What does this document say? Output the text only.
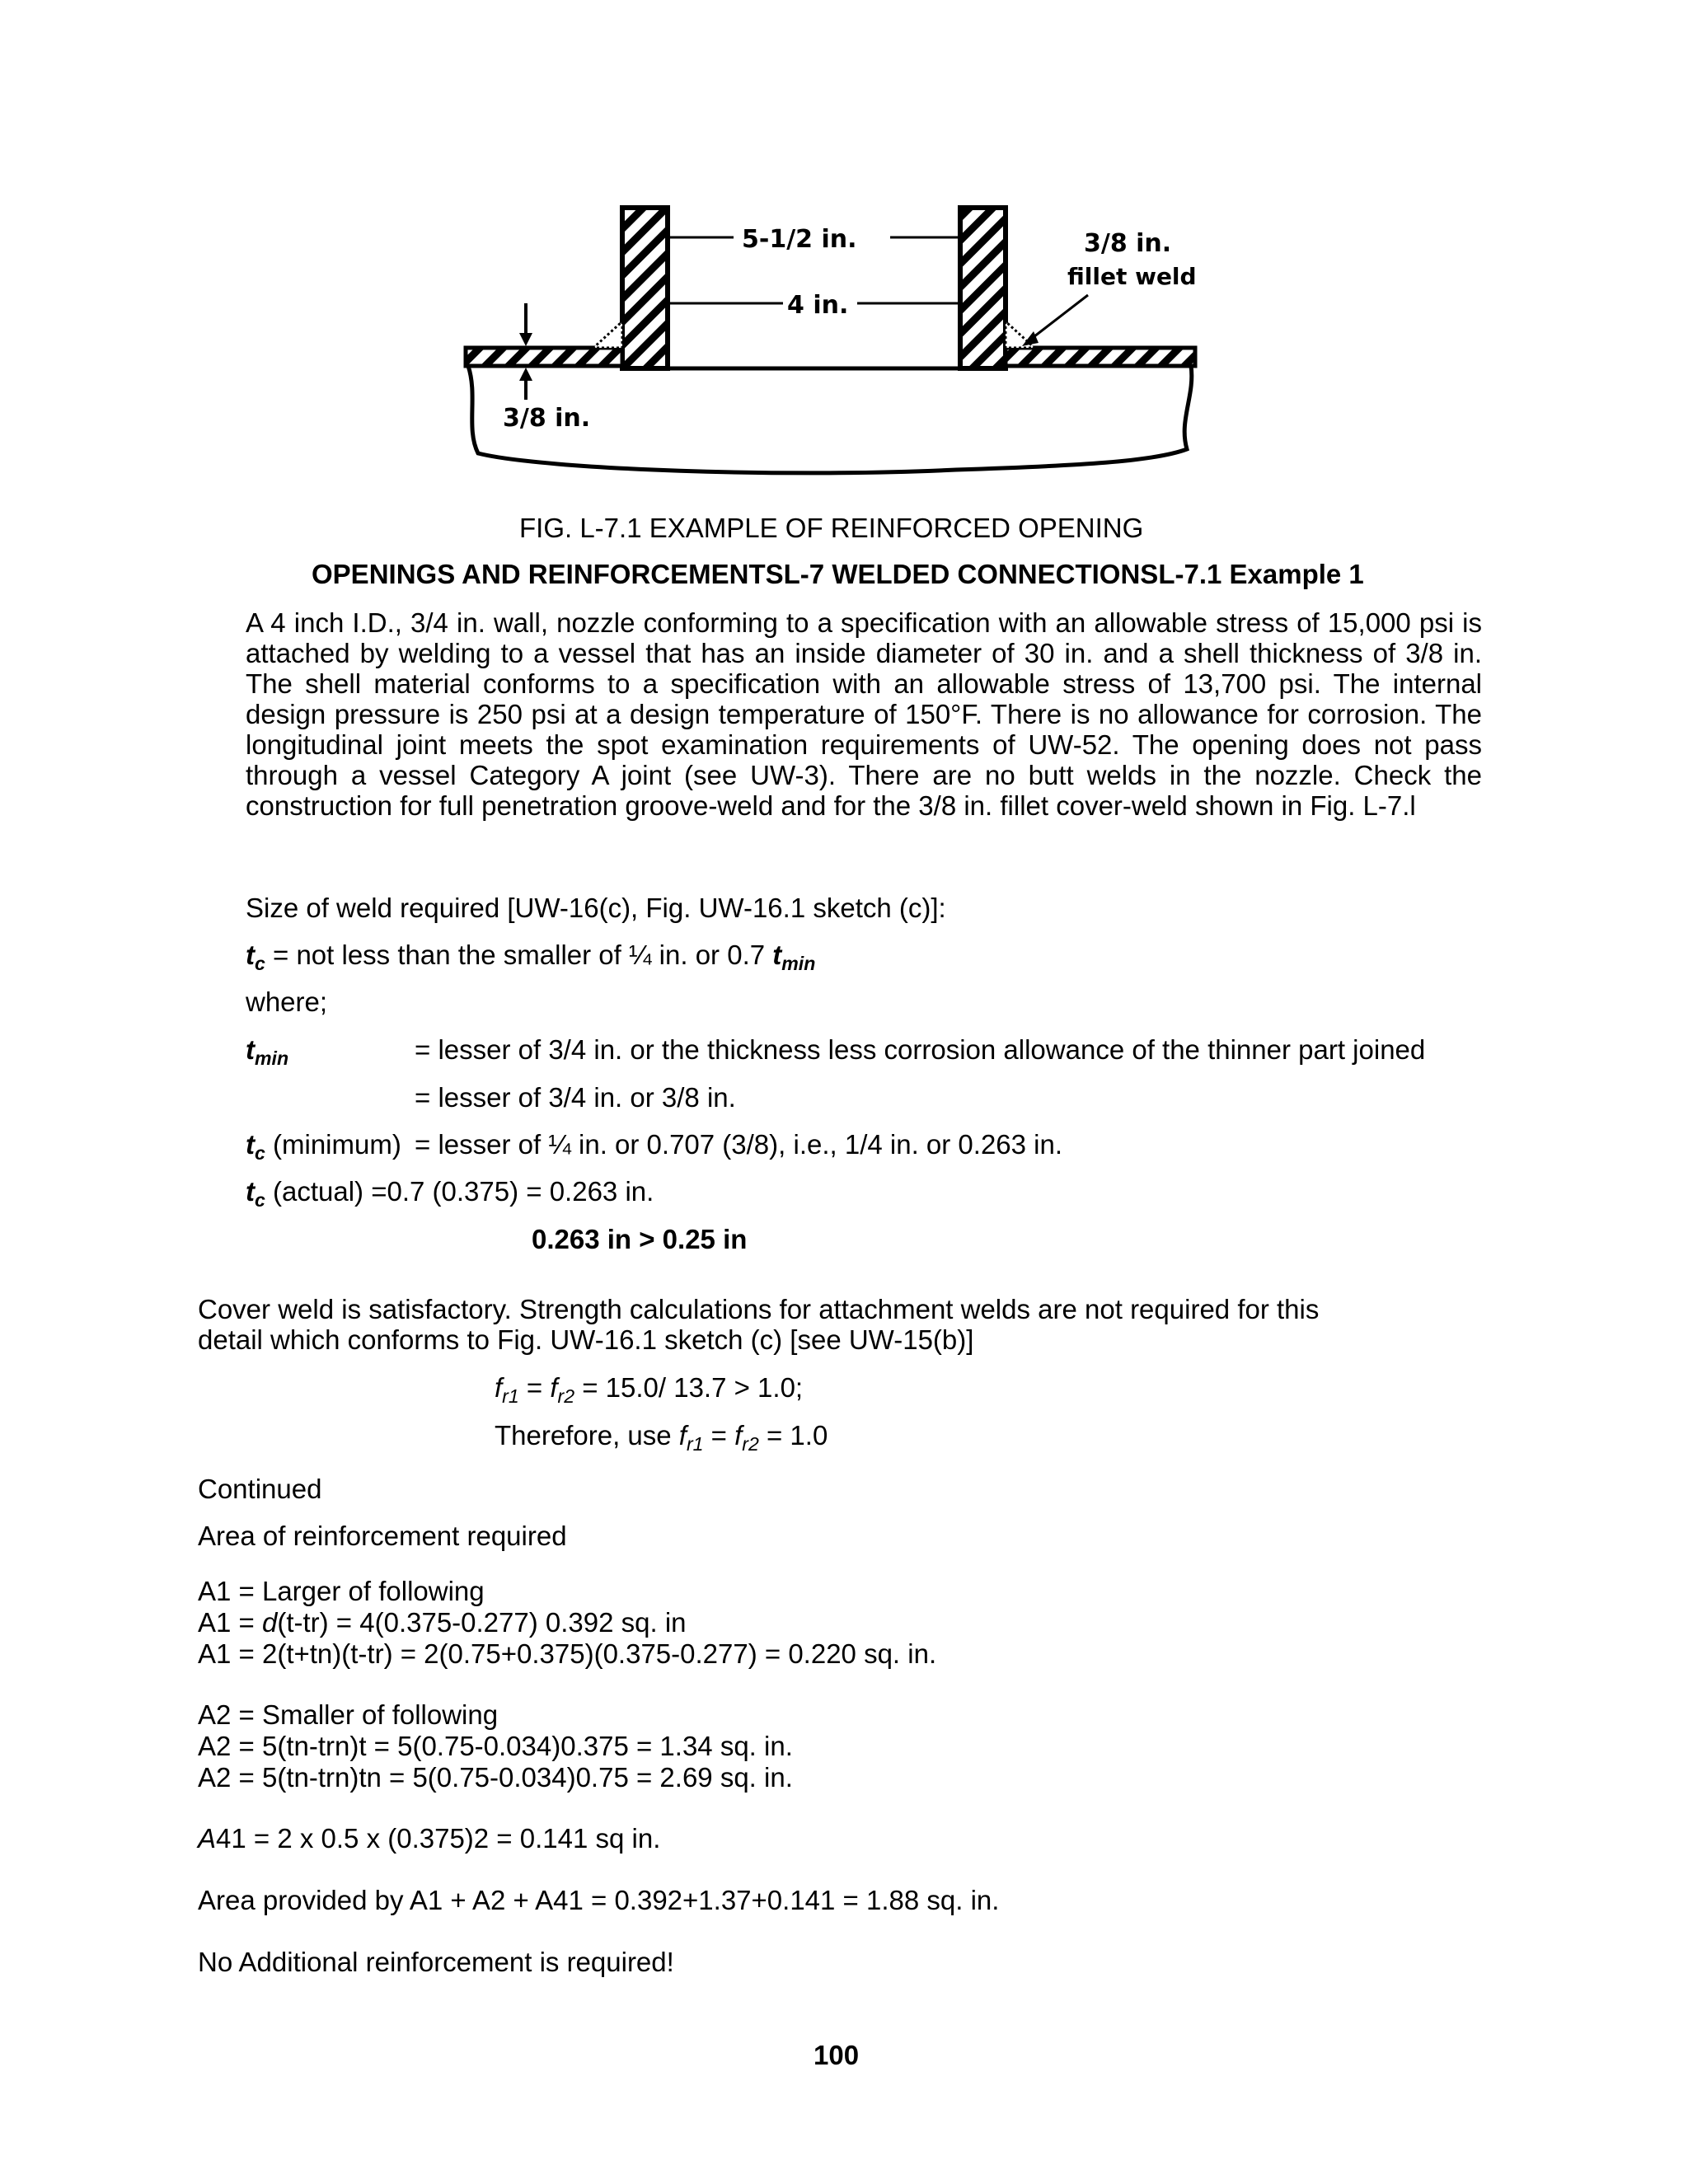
5-1/2 in.
4 in.
3/8 in.
3/8 in.
fillet weld
FIG. L-7.1 EXAMPLE OF REINFORCED OPENING
OPENINGS AND REINFORCEMENTSL-7 WELDED CONNECTIONSL-7.1 Example 1

A 4 inch I.D., 3/4 in. wall, nozzle conforming to a specification with an allowable stress of 15,000 psi is attached by welding to a vessel that has an inside diameter of 30 in. and a shell thickness of 3/8 in. The shell material conforms to a specification with an allowable stress of 13,700 psi. The internal design pressure is 250 psi at a design temperature of 150°F. There is no allowance for corrosion. The longitudinal joint meets the spot examination requirements of UW-52. The opening does not pass through a vessel Category A joint (see UW-3). There are no butt welds in the nozzle. Check the construction for full penetration groove-weld and for the 3/8 in. fillet cover-weld shown in Fig. L-7.l

Size of weld required [UW-16(c), Fig. UW-16.1 sketch (c)]:
$t_c$ = not less than the smaller of ¼ in. or 0.7 $t_{min}$
where;
$t_{min}$	= lesser of 3/4 in. or the thickness less corrosion allowance of the thinner part joined
= lesser of 3/4 in. or 3/8 in.
$t_c$ (minimum) = lesser of ¼ in. or 0.707 (3/8), i.e., 1/4 in. or 0.263 in.
$t_c$ (actual) =0.7 (0.375) = 0.263 in.
0.263 in > 0.25 in
Cover weld is satisfactory. Strength calculations for attachment welds are not required for this
detail which conforms to Fig. UW-16.1 sketch (c) [see UW-15(b)]
$f_{r1} = f_{r2} = 15.0/$ 13.7 > 1.0;
Therefore, use $f_{r1} = f_{r2} = 1.0$
Continued
Area of reinforcement required
A1 = Larger of following
A1 = d(t-tr) = 4(0.375-0.277) 0.392 sq. in
A1 = 2(t+tn)(t-tr) = 2(0.75+0.375)(0.375-0.277) = 0.220 sq. in.
A2 = Smaller of following
A2 = 5(tn-trn)t = 5(0.75-0.034)0.375 = 1.34 sq. in.
A2 = 5(tn-trn)tn = 5(0.75-0.034)0.75 = 2.69 sq. in.
A41 = 2 x 0.5 x (0.375)2 = 0.141 sq in.
Area provided by A1 + A2 + A41 = 0.392+1.37+0.141 = 1.88 sq. in.
No Additional reinforcement is required!
100
